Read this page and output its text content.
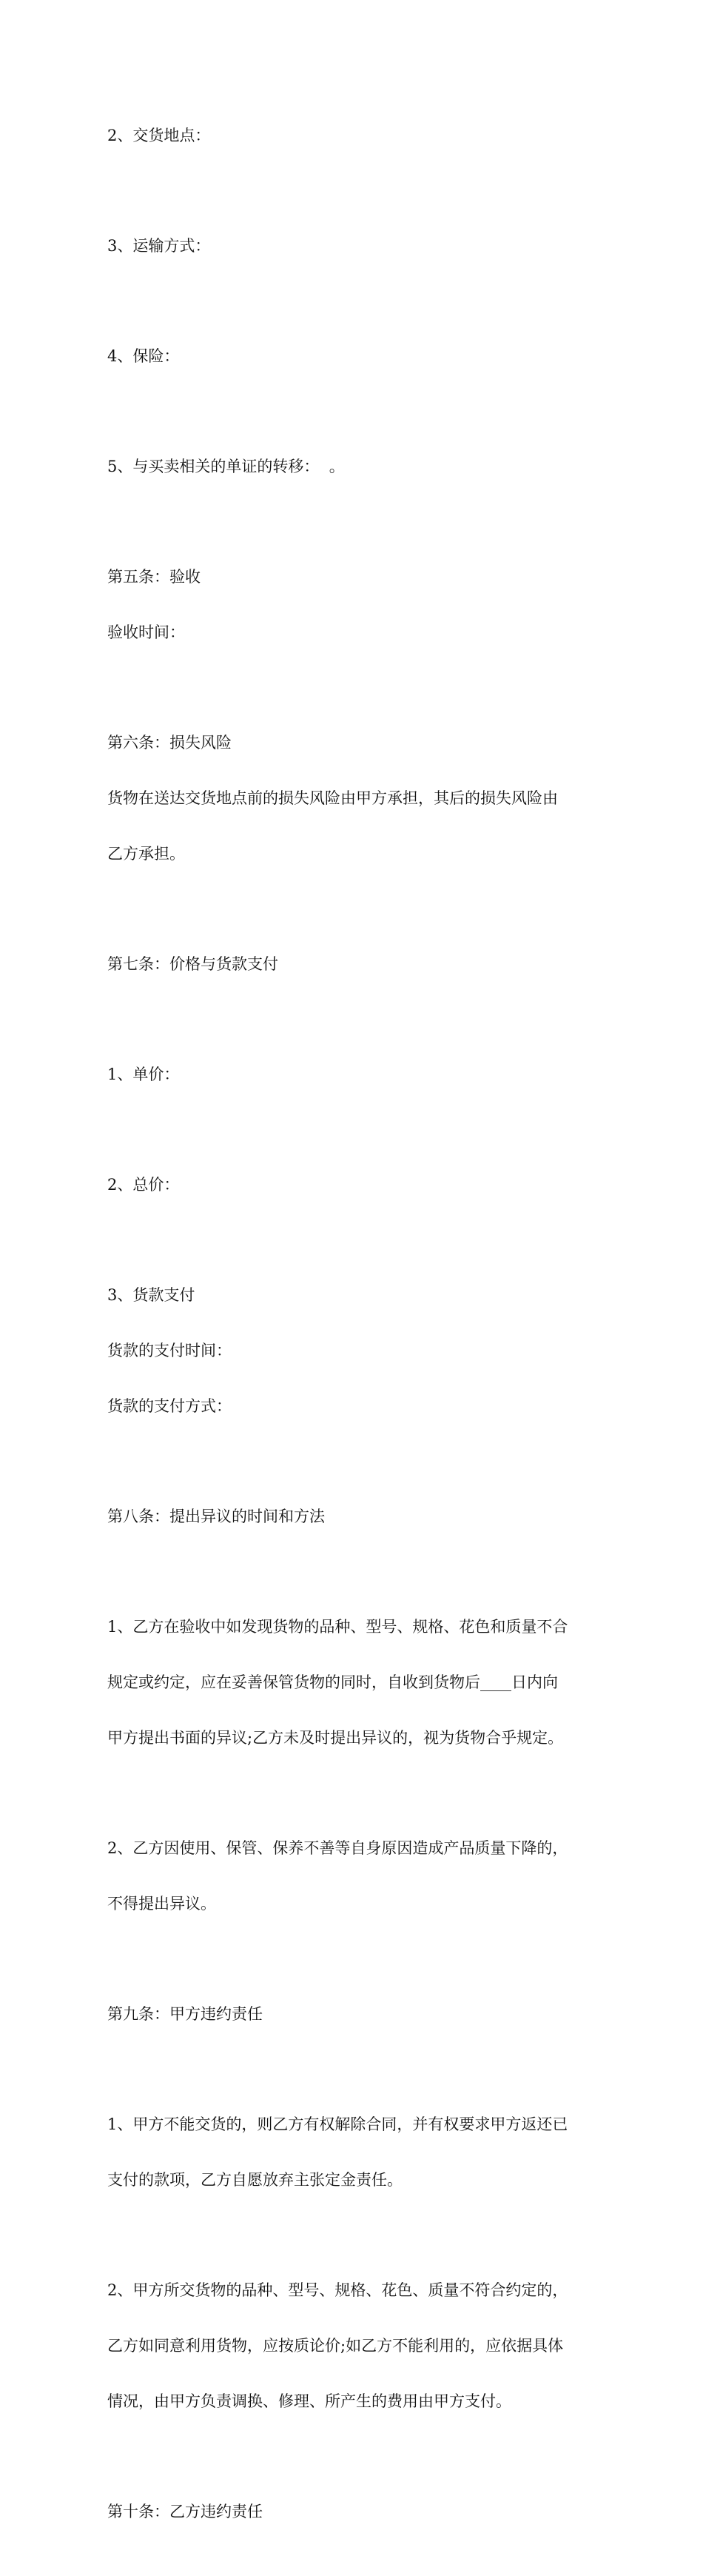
2、交货地点：

3、运输方式：

4、保险：

5、与买卖相关的单证的转移：  。

第五条：验收

验收时间：

第六条：损失风险

货物在送达交货地点前的损失风险由甲方承担，其后的损失风险由

乙方承担。

第七条：价格与货款支付

1、单价：

2、总价：

3、货款支付

货款的支付时间：

货款的支付方式：

第八条：提出异议的时间和方法

1、乙方在验收中如发现货物的品种、型号、规格、花色和质量不合

规定或约定，应在妥善保管货物的同时，自收到货物后____日内向

甲方提出书面的异议;乙方未及时提出异议的，视为货物合乎规定。

2、乙方因使用、保管、保养不善等自身原因造成产品质量下降的，

不得提出异议。

第九条：甲方违约责任

1、甲方不能交货的，则乙方有权解除合同，并有权要求甲方返还已

支付的款项，乙方自愿放弃主张定金责任。

2、甲方所交货物的品种、型号、规格、花色、质量不符合约定的，

乙方如同意利用货物，应按质论价;如乙方不能利用的，应依据具体

情况，由甲方负责调换、修理、所产生的费用由甲方支付。

第十条：乙方违约责任
